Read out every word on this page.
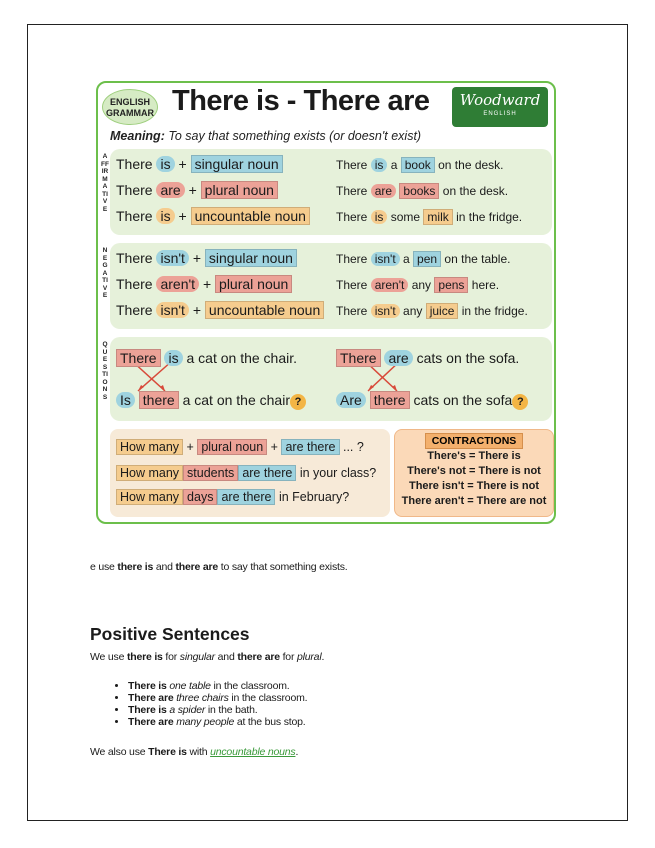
ENGLISH GRAMMAR There is - There are	Woodward
ENGLISH
Meaning: To say that something exists (or doesn't exist)
AFFIRMATIVE
There is + singular noun	There is a book on the desk.
There are + plural noun	There are books on the desk.
There is + uncountable noun	There is some milk in the fridge.
NEGATIVE
There isn't + singular noun	There isn't a pen on the table.
There aren't + plural noun	There aren't any pens here.
There isn't + uncountable noun	There isn't any juice in the fridge.
QUESTIONS
There is a cat on the chair.	There are cats on the sofa.
Is there a cat on the chair ?	Are there cats on the sofa ?
How many + plural noun + are there ... ?
How many students are there in your class?
How many days are there in February?
CONTRACTIONS
There's = There is
There's not = There is not
There isn't = There is not
There aren't = There are not
e use there is and there are to say that something exists.
Positive Sentences
We use there is for singular and there are for plural.
• There is one table in the classroom.
• There are three chairs in the classroom.
• There is a spider in the bath.
• There are many people at the bus stop.
We also use There is with uncountable nouns.
